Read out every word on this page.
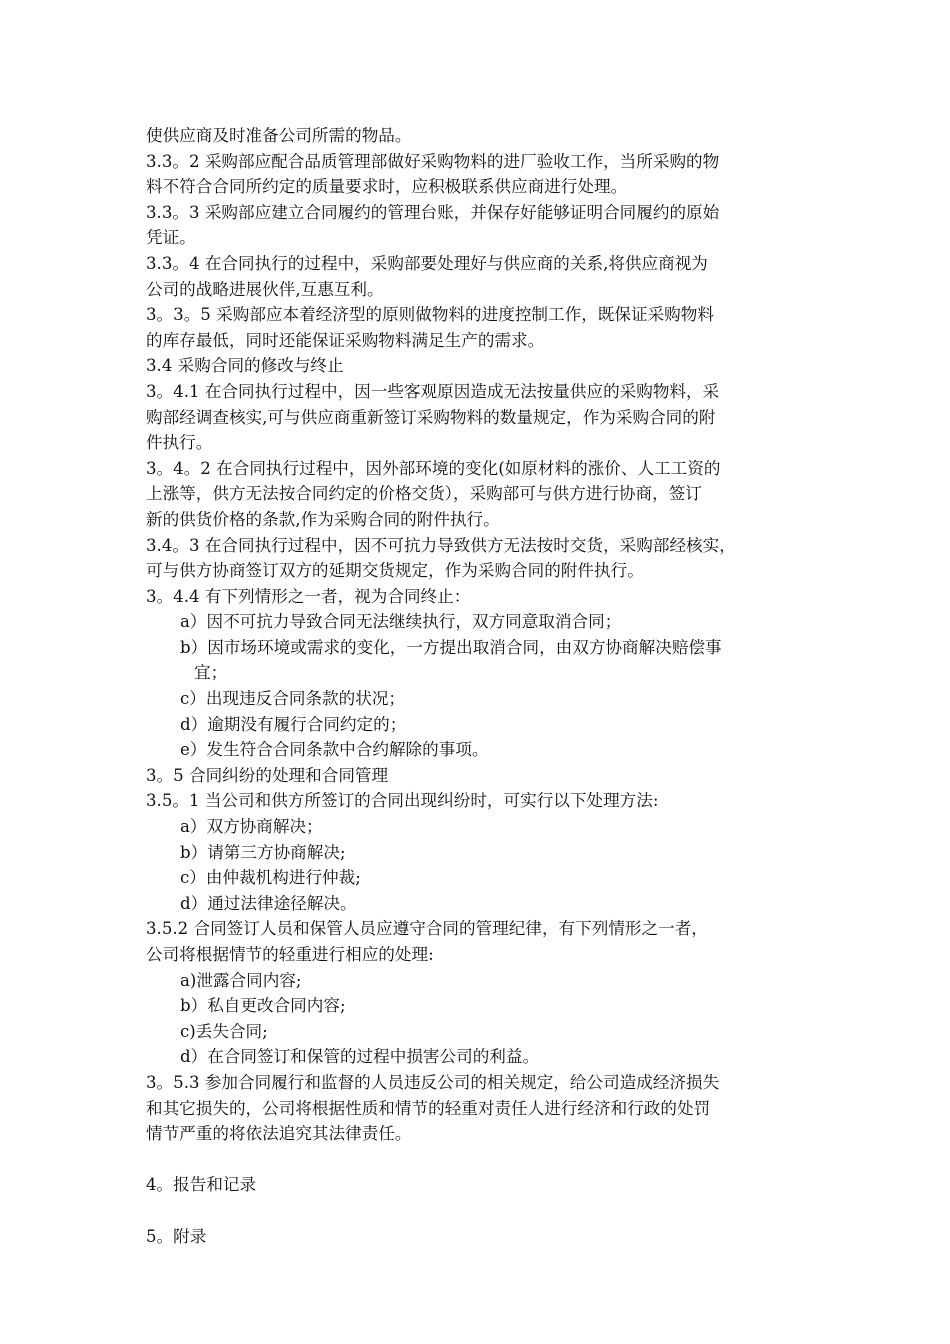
使供应商及时准备公司所需的物品。

3.3。2 采购部应配合品质管理部做好采购物料的进厂验收工作，当所采购的物
料不符合合同所约定的质量要求时，应积极联系供应商进行处理。

3.3。3 采购部应建立合同履约的管理台账，并保存好能够证明合同履约的原始
凭证。

3.3。4 在合同执行的过程中，采购部要处理好与供应商的关系,将供应商视为
公司的战略进展伙伴,互惠互利。

3。3。5 采购部应本着经济型的原则做物料的进度控制工作，既保证采购物料
的库存最低，同时还能保证采购物料满足生产的需求。

3.4 采购合同的修改与终止

3。4.1 在合同执行过程中，因一些客观原因造成无法按量供应的采购物料，采
购部经调查核实,可与供应商重新签订采购物料的数量规定，作为采购合同的附
件执行。

3。4。2 在合同执行过程中，因外部环境的变化(如原材料的涨价、人工工资的
上涨等，供方无法按合同约定的价格交货），采购部可与供方进行协商，签订
新的供货价格的条款,作为采购合同的附件执行。

3.4。3 在合同执行过程中，因不可抗力导致供方无法按时交货，采购部经核实，
可与供方协商签订双方的延期交货规定，作为采购合同的附件执行。

3。4.4 有下列情形之一者，视为合同终止：

a）因不可抗力导致合同无法继续执行，双方同意取消合同；

b）因市场环境或需求的变化，一方提出取消合同，由双方协商解决赔偿事
宜；

c）出现违反合同条款的状况；

d）逾期没有履行合同约定的；

e）发生符合合同条款中合约解除的事项。

3。5 合同纠纷的处理和合同管理

3.5。1 当公司和供方所签订的合同出现纠纷时，可实行以下处理方法:

a）双方协商解决；

b）请第三方协商解决;

c）由仲裁机构进行仲裁;

d）通过法律途径解决。

3.5.2 合同签订人员和保管人员应遵守合同的管理纪律，有下列情形之一者，
公司将根据情节的轻重进行相应的处理:

a)泄露合同内容;

b）私自更改合同内容;

c)丢失合同;

d）在合同签订和保管的过程中损害公司的利益。

3。5.3 参加合同履行和监督的人员违反公司的相关规定，给公司造成经济损失
和其它损失的，公司将根据性质和情节的轻重对责任人进行经济和行政的处罚
情节严重的将依法追究其法律责任。

4。报告和记录

5。附录
